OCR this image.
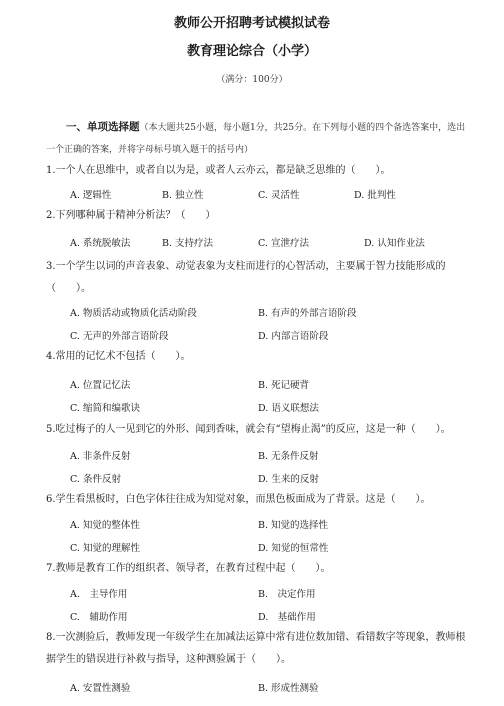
教师公开招聘考试模拟试卷
教育理论综合（小学）
（满分：100分）
一、单项选择题（本大题共25小题，每小题1分，共25分。在下列每小题的四个备选答案中，选出一个正确的答案，并将字母标号填入题干的括号内）
1.一个人在思维中，或者自以为是，或者人云亦云，都是缺乏思维的（　　）。
A. 逻辑性	B. 独立性	C. 灵活性	D. 批判性
2.下列哪种属于精神分析法？（　　）
A. 系统脱敏法	B. 支持疗法	C. 宣泄疗法	D. 认知作业法
3.一个学生以词的声音表象、动觉表象为支柱而进行的心智活动，主要属于智力技能形成的（　　）。
A. 物质活动或物质化活动阶段	B. 有声的外部言语阶段
C. 无声的外部言语阶段	D. 内部言语阶段
4.常用的记忆术不包括（　　）。
A. 位置记忆法	B. 死记硬背
C. 缩简和编歌诀	D. 语义联想法
5.吃过梅子的人一见到它的外形、闻到香味，就会有“望梅止渴”的反应，这是一种（　　）。
A. 非条件反射	B. 无条件反射
C. 条件反射	D. 生来的反射
6.学生看黑板时，白色字体往往成为知觉对象，而黑色板面成为了背景。这是（　　）。
A. 知觉的整体性	B. 知觉的选择性
C. 知觉的理解性	D. 知觉的恒常性
7.教师是教育工作的组织者、领导者，在教育过程中起（　　）。
A.　主导作用	B.　决定作用
C.　辅助作用	D.　基础作用
8.一次测验后，教师发现一年级学生在加减法运算中常有进位数加错、看错数字等现象，教师根据学生的错误进行补救与指导，这种测验属于（　　）。
A. 安置性测验	B. 形成性测验
